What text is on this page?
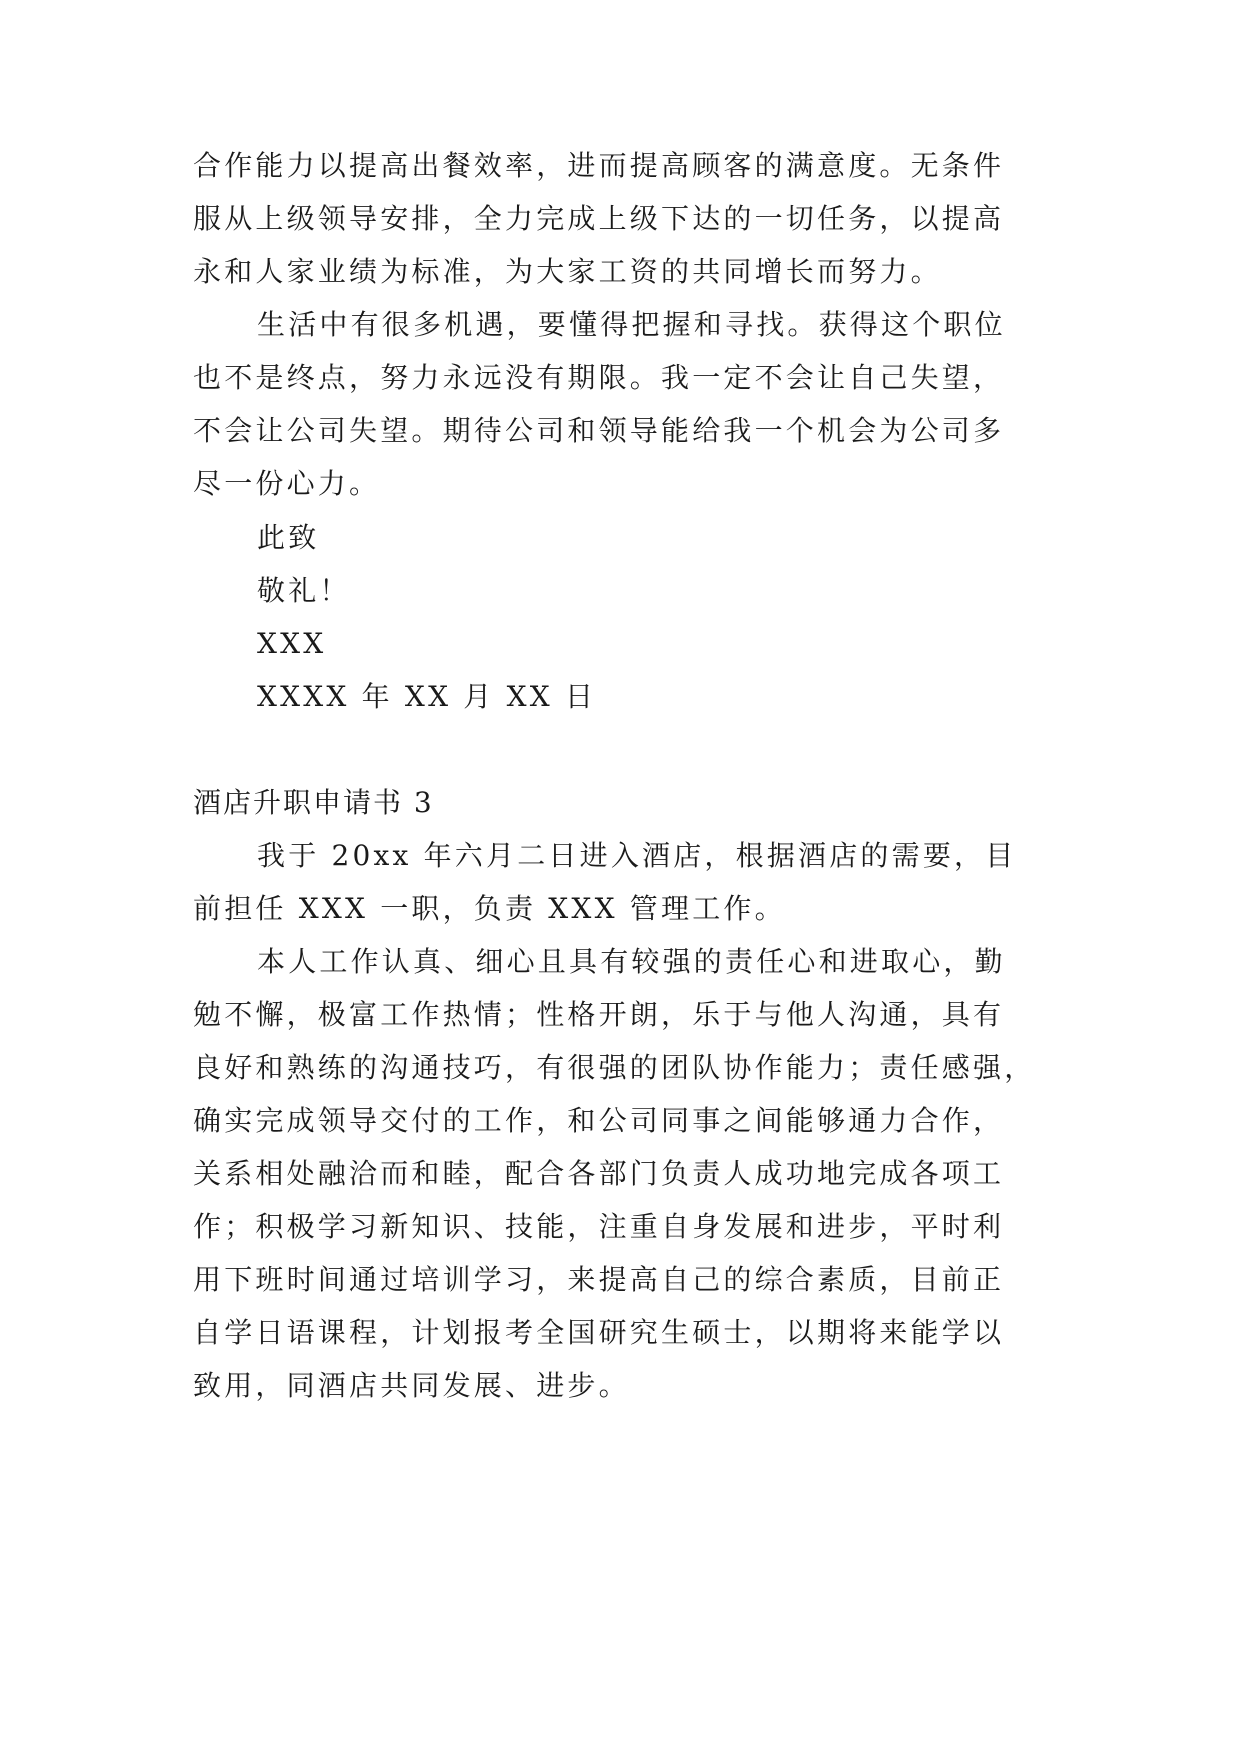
合作能力以提高出餐效率，进而提高顾客的满意度。无条件
服从上级领导安排，全力完成上级下达的一切任务，以提高
永和人家业绩为标准，为大家工资的共同增长而努力。
生活中有很多机遇，要懂得把握和寻找。获得这个职位
也不是终点，努力永远没有期限。我一定不会让自己失望，
不会让公司失望。期待公司和领导能给我一个机会为公司多
尽一份心力。
此致
敬礼！
XXX
XXXX 年 XX 月 XX 日
酒店升职申请书 3
我于 20xx 年六月二日进入酒店，根据酒店的需要，目
前担任 XXX 一职，负责 XXX 管理工作。
本人工作认真、细心且具有较强的责任心和进取心，勤
勉不懈，极富工作热情；性格开朗，乐于与他人沟通，具有
良好和熟练的沟通技巧，有很强的团队协作能力；责任感强，
确实完成领导交付的工作，和公司同事之间能够通力合作，
关系相处融洽而和睦，配合各部门负责人成功地完成各项工
作；积极学习新知识、技能，注重自身发展和进步，平时利
用下班时间通过培训学习，来提高自己的综合素质，目前正
自学日语课程，计划报考全国研究生硕士，以期将来能学以
致用，同酒店共同发展、进步。
